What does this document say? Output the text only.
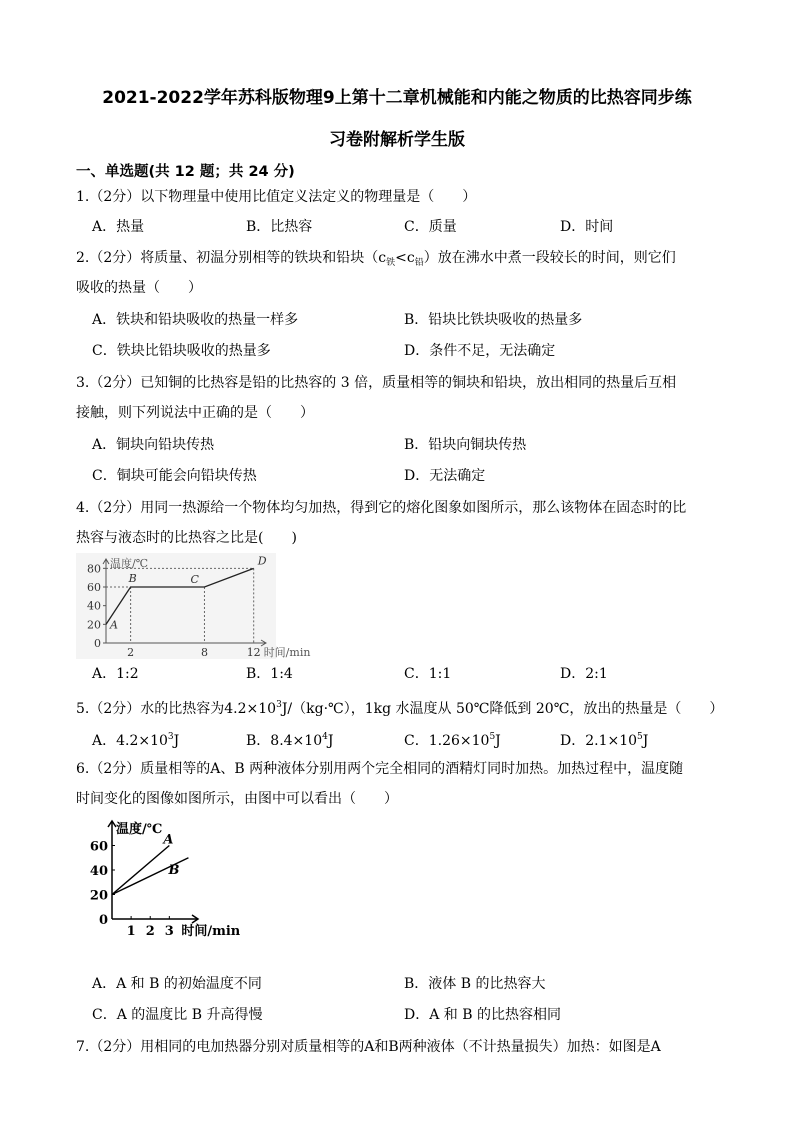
2021-2022学年苏科版物理9上第十二章机械能和内能之物质的比热容同步练
习卷附解析学生版
一、单选题(共 12 题；共 24 分)
1.（2分）以下物理量中使用比值定义法定义的物理量是（　　）
A．热量	B．比热容	C．质量	D．时间
2.（2分）将质量、初温分别相等的铁块和铅块$(c_铁<c_铅)$放在沸水中煮一段较长的时间，则它们
吸收的热量（　　）
A．铁块和铅块吸收的热量一样多	B．铅块比铁块吸收的热量多
C．铁块比铅块吸收的热量多	D．条件不足，无法确定
3.（2分）已知铜的比热容是铅的比热容的 3 倍，质量相等的铜块和铅块，放出相同的热量后互相
接触，则下列说法中正确的是（　　）
A．铜块向铅块传热	B．铅块向铜块传热
C．铜块可能会向铅块传热	D．无法确定
4.（2分）用同一热源给一个物体均匀加热，得到它的熔化图象如图所示，那么该物体在固态时的比
热容与液态时的比热容之比是(　　)
0
20
40
60
80
2	8	12
A
B	C
D
温度/℃
时间/min
A．1:2	B．1:4	C．1:1	D．2:1
5.（2分）水的比热容为$4.2\times 10^3J/(kg\cdot℃)$，1kg 水温度从 50℃降低到 20℃，放出的热量是（　　）
A．$4.2\times 10^3J$	B．$8.4\times 10^4J$	C．$1.26\times 10^5J$	D．$2.1\times 10^5J$
6.（2分）质量相等的A、B 两种液体分别用两个完全相同的酒精灯同时加热。加热过程中，温度随
时间变化的图像如图所示，由图中可以看出（　　）
0
20
40
60
1 2 3
A
B
温度/℃
时间/min
A．A 和 B 的初始温度不同	B．液体 B 的比热容大
C．A 的温度比 B 升高得慢	D．A 和 B 的比热容相同
7.（2分）用相同的电加热器分别对质量相等的A和B两种液体（不计热量损失）加热：如图是A
